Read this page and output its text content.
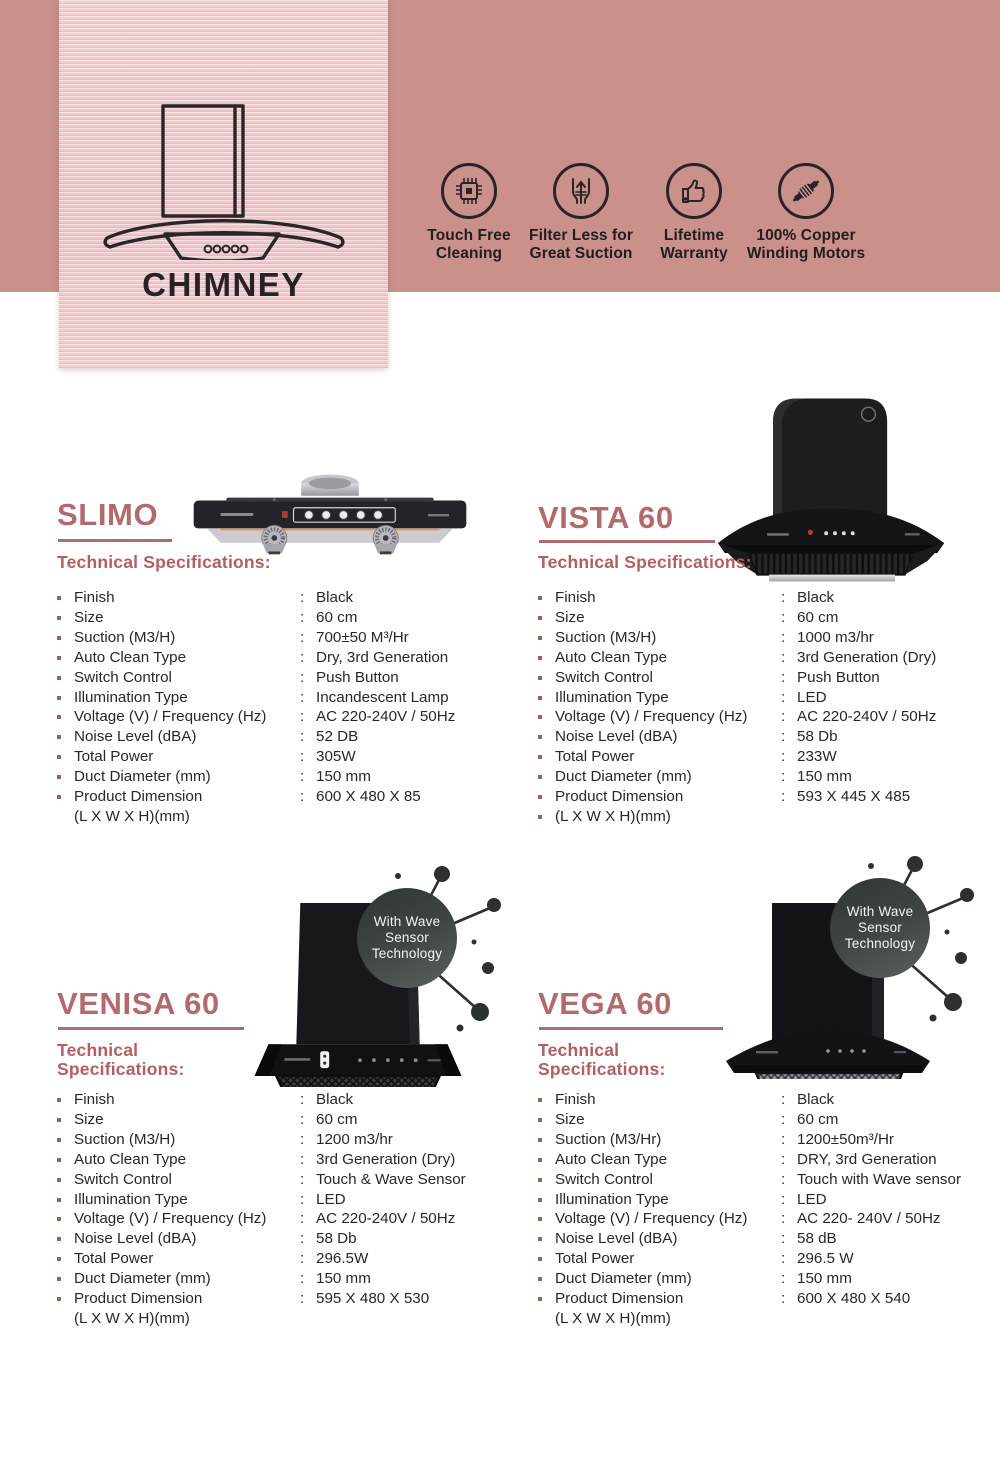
CHIMNEY
Touch Free
Cleaning
Filter Less for
Great Suction
Lifetime
Warranty
100% Copper
Winding Motors
SLIMO
Technical Specifications:
Finish	: Black
Size	: 60 cm
Suction (M3/H)	: 700±50 M³/Hr
Auto Clean Type	: Dry, 3rd Generation
Switch Control	: Push Button
Illumination Type	: Incandescent Lamp
Voltage (V) / Frequency (Hz)	: AC 220-240V / 50Hz
Noise Level (dBA)	: 52 DB
Total Power	: 305W
Duct Diameter (mm)	: 150 mm
Product Dimension	: 600 X 480 X 85
(L X W X H)(mm)
VISTA 60
Technical Specifications:
Finish	: Black
Size	: 60 cm
Suction (M3/H)	: 1000 m3/hr
Auto Clean Type	: 3rd Generation (Dry)
Switch Control	: Push Button
Illumination Type	: LED
Voltage (V) / Frequency (Hz)	: AC 220-240V / 50Hz
Noise Level (dBA)	: 58 Db
Total Power	: 233W
Duct Diameter (mm)	: 150 mm
Product Dimension	: 593 X 445 X 485
(L X W X H)(mm)
VENISA 60
With Wave
Sensor
Technology
Technical
Specifications:
Finish	: Black
Size	: 60 cm
Suction (M3/H)	: 1200 m3/hr
Auto Clean Type	: 3rd Generation (Dry)
Switch Control	: Touch & Wave Sensor
Illumination Type	: LED
Voltage (V) / Frequency (Hz)	: AC 220-240V / 50Hz
Noise Level (dBA)	: 58 Db
Total Power	: 296.5W
Duct Diameter (mm)	: 150 mm
Product Dimension	: 595 X 480 X 530
(L X W X H)(mm)
VEGA 60
With Wave
Sensor
Technology
Technical
Specifications:
Finish	: Black
Size	: 60 cm
Suction (M3/Hr)	: 1200±50m³/Hr
Auto Clean Type	: DRY, 3rd Generation
Switch Control	: Touch with Wave sensor
Illumination Type	: LED
Voltage (V) / Frequency (Hz)	: AC 220- 240V / 50Hz
Noise Level (dBA)	: 58 dB
Total Power	: 296.5 W
Duct Diameter (mm)	: 150 mm
Product Dimension	: 600 X 480 X 540
(L X W X H)(mm)
